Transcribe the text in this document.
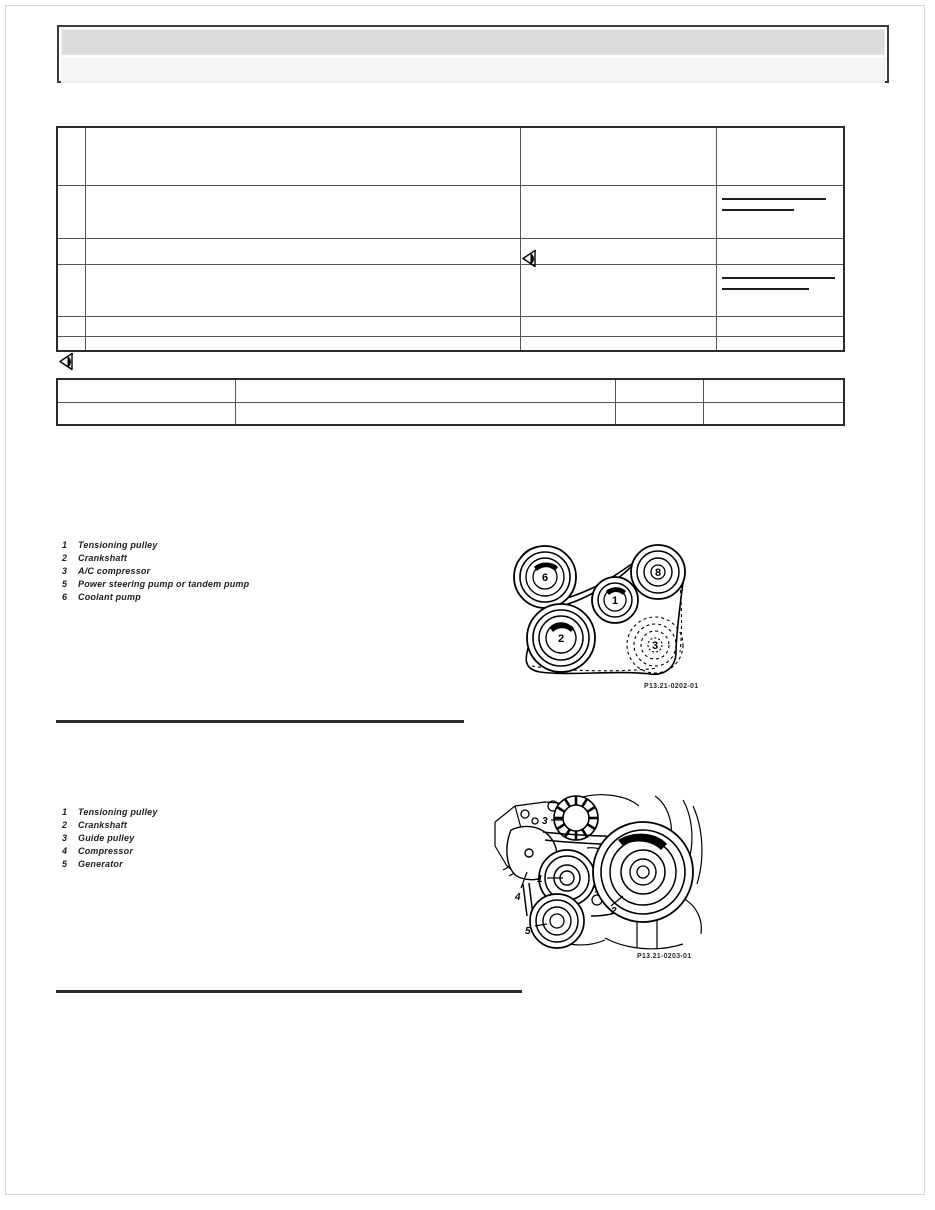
1	Tensioning pulley
2	Crankshaft
3	A/C compressor
5	Power steering pump or tandem pump
6	Coolant pump
6
1
8
2
3
P13.21-0202-01
1	Tensioning pulley
2	Crankshaft
3	Guide pulley
4	Compressor
5	Generator
3
1
4
5
2
P13.21-0203-01
